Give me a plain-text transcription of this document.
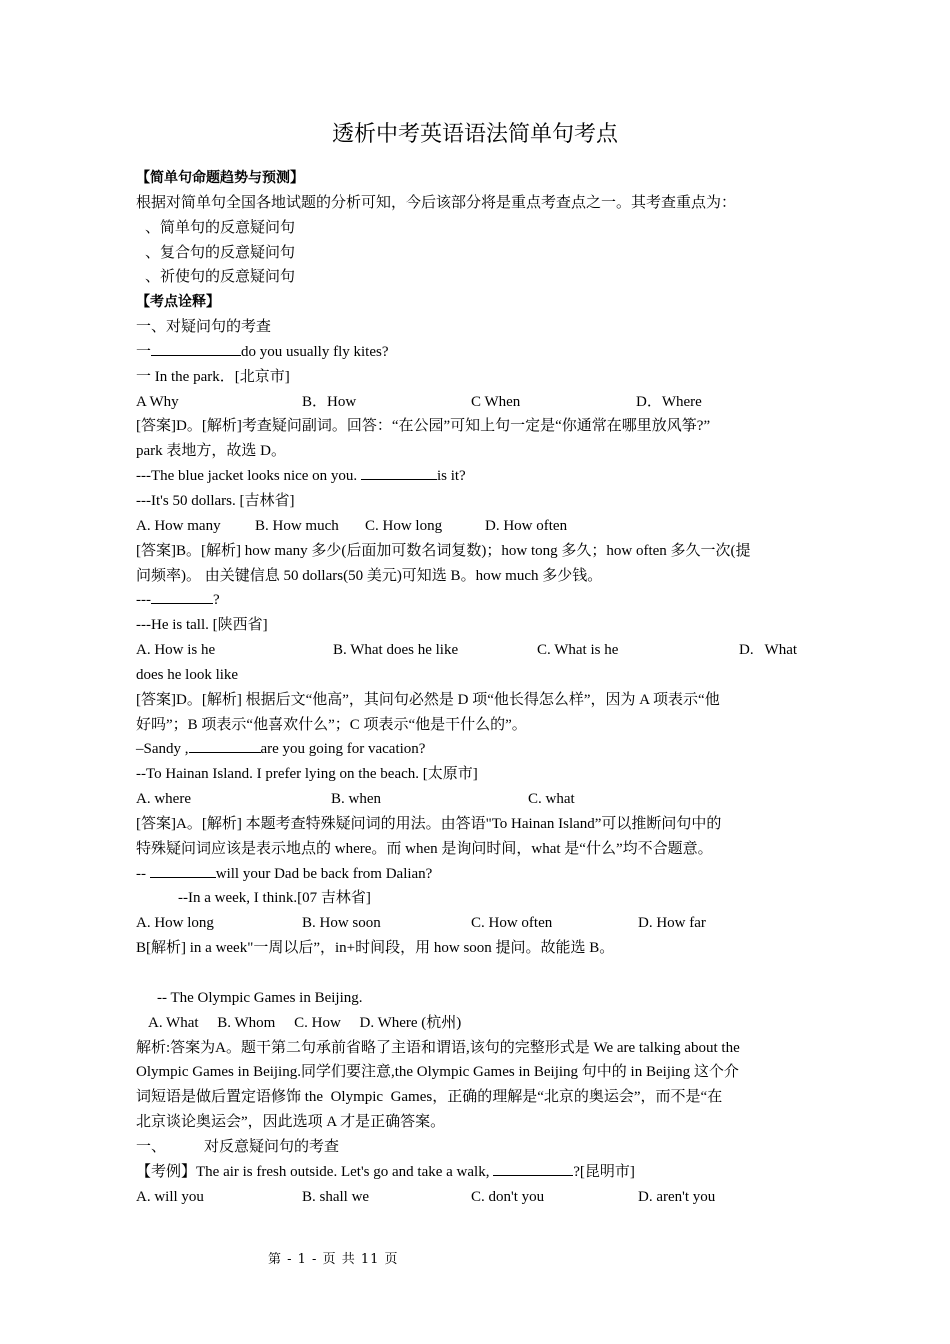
透析中考英语语法简单句考点
【简单句命题趋势与预测】
根据对简单句全国各地试题的分析可知，今后该部分将是重点考查点之一。其考查重点为：
、简单句的反意疑问句
、复合句的反意疑问句
、祈使句的反意疑问句
【考点诠释】
一、对疑问句的考查
一	do you usually fly kites?
一 In the park．[北京市]
A Why	B．How	C When	D．Where
[答案]D。[解析]考查疑问副词。回答：“在公园”可知上句一定是“你通常在哪里放风筝?”
park 表地方，故选 D。
---The blue jacket looks nice on you.	is it?
---It's 50 dollars. [吉林省]
A. How many B. How much C. How long	D. How often
[答案]B。[解析] how many 多少(后面加可数名词复数)；how tong 多久；how often 多久一次(提
问频率)。 由关键信息 50 dollars(50 美元)可知选 B。how much 多少钱。
---	?
---He is tall. [陕西省]
A. How is he	B. What does he like	C. What is he	D.   What
does he look like
[答案]D。[解析] 根据后文“他高”，其问句必然是 D 项“他长得怎么样”，因为 A 项表示“他
好吗”；B 项表示“他喜欢什么”；C 项表示“他是干什么的”。
–Sandy ,	are you going for vacation?
--To Hainan Island. I prefer lying on the beach. [太原市]
A. where	B. when	C. what
[答案]A。[解析] 本题考查特殊疑问词的用法。由答语"To Hainan Island”可以推断问句中的
特殊疑问词应该是表示地点的 where。而 when 是询问时间，what 是“什么”均不合题意。
--	will your Dad be back from Dalian?
--In a week, I think.[07 吉林省]
A. How long	B. How soon	C. How often	D. How far
B[解析] in a week"一周以后”，in+时间段，用 how soon 提问。故能选 B。
-- The Olympic Games in Beijing.
A. What     B. Whom     C. How     D. Where (杭州)
解析:答案为A。题干第二句承前省略了主语和谓语,该句的完整形式是 We are talking about the
Olympic Games in Beijing.同学们要注意,the Olympic Games in Beijing 句中的 in Beijing 这个介
词短语是做后置定语修饰 the  Olympic  Games，正确的理解是“北京的奥运会”，而不是“在
北京谈论奥运会”，因此选项 A 才是正确答案。
一、	对反意疑问句的考查
【考例】The air is fresh outside. Let's go and take a walk,	?[昆明市]
A. will you	B. shall we	C. don't you	D. aren't you
第 - 1 - 页 共 11 页
